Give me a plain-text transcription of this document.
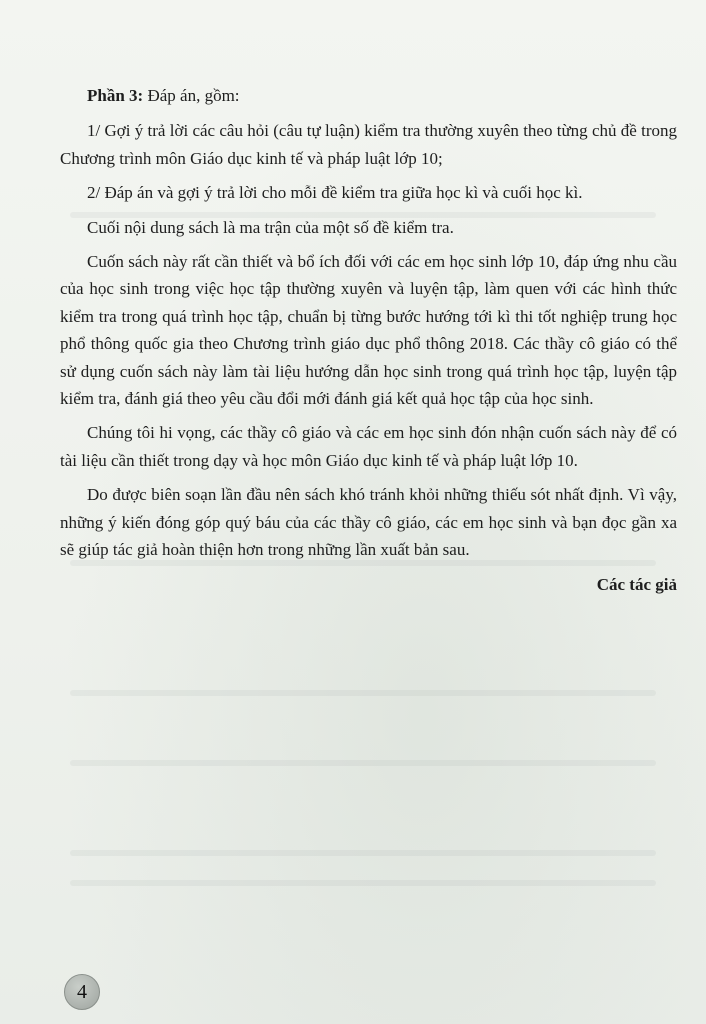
Phần 3: Đáp án, gồm:

1/ Gợi ý trả lời các câu hỏi (câu tự luận) kiểm tra thường xuyên theo từng chủ đề trong Chương trình môn Giáo dục kinh tế và pháp luật lớp 10;

2/ Đáp án và gợi ý trả lời cho mỗi đề kiểm tra giữa học kì và cuối học kì.

Cuối nội dung sách là ma trận của một số đề kiểm tra.

Cuốn sách này rất cần thiết và bổ ích đối với các em học sinh lớp 10, đáp ứng nhu cầu của học sinh trong việc học tập thường xuyên và luyện tập, làm quen với các hình thức kiểm tra trong quá trình học tập, chuẩn bị từng bước hướng tới kì thi tốt nghiệp trung học phổ thông quốc gia theo Chương trình giáo dục phổ thông 2018. Các thầy cô giáo có thể sử dụng cuốn sách này làm tài liệu hướng dẫn học sinh trong quá trình học tập, luyện tập kiểm tra, đánh giá theo yêu cầu đổi mới đánh giá kết quả học tập của học sinh.

Chúng tôi hi vọng, các thầy cô giáo và các em học sinh đón nhận cuốn sách này để có tài liệu cần thiết trong dạy và học môn Giáo dục kinh tế và pháp luật lớp 10.

Do được biên soạn lần đầu nên sách khó tránh khỏi những thiếu sót nhất định. Vì vậy, những ý kiến đóng góp quý báu của các thầy cô giáo, các em học sinh và bạn đọc gần xa sẽ giúp tác giả hoàn thiện hơn trong những lần xuất bản sau.

Các tác giả

4
